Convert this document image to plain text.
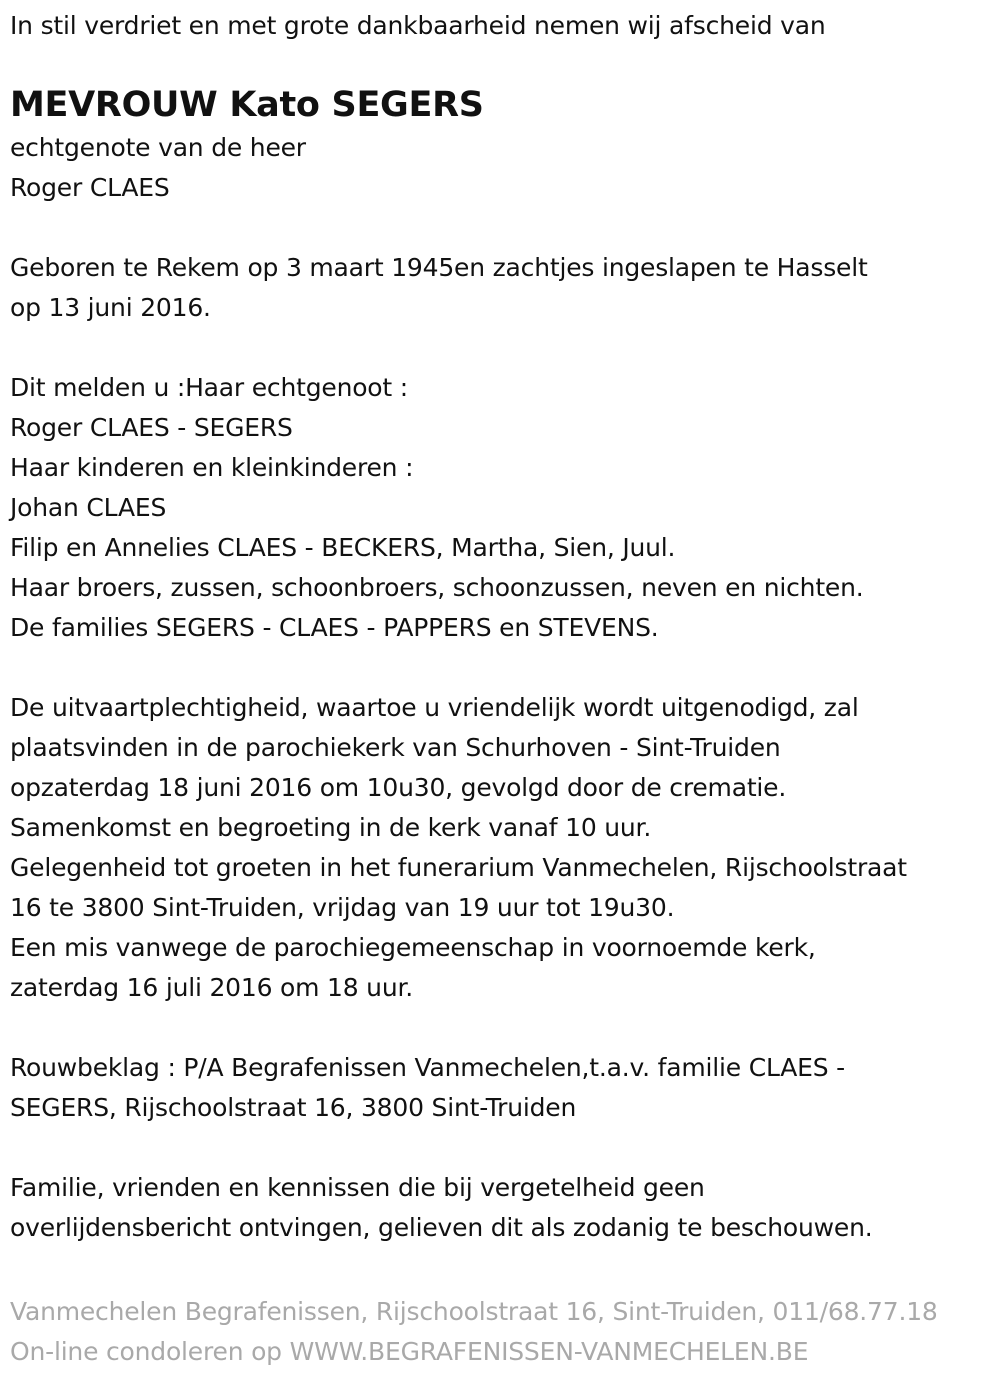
In stil verdriet en met grote dankbaarheid nemen wij afscheid van
MEVROUW Kato SEGERS
echtgenote van de heer
Roger CLAES
Geboren te Rekem op 3 maart 1945en zachtjes ingeslapen te Hasselt
op 13 juni 2016.
Dit melden u :Haar echtgenoot :
Roger CLAES - SEGERS
Haar kinderen en kleinkinderen :
Johan CLAES
Filip en Annelies CLAES - BECKERS, Martha, Sien, Juul.
Haar broers, zussen, schoonbroers, schoonzussen, neven en nichten.
De families SEGERS - CLAES - PAPPERS en STEVENS.
De uitvaartplechtigheid, waartoe u vriendelijk wordt uitgenodigd, zal
plaatsvinden in de parochiekerk van Schurhoven - Sint-Truiden
opzaterdag 18 juni 2016 om 10u30, gevolgd door de crematie.
Samenkomst en begroeting in de kerk vanaf 10 uur.
Gelegenheid tot groeten in het funerarium Vanmechelen, Rijschoolstraat
16 te 3800 Sint-Truiden, vrijdag van 19 uur tot 19u30.
Een mis vanwege de parochiegemeenschap in voornoemde kerk,
zaterdag 16 juli 2016 om 18 uur.
Rouwbeklag : P/A Begrafenissen Vanmechelen,t.a.v. familie CLAES -
SEGERS, Rijschoolstraat 16, 3800 Sint-Truiden
Familie, vrienden en kennissen die bij vergetelheid geen
overlijdensbericht ontvingen, gelieven dit als zodanig te beschouwen.
Vanmechelen Begrafenissen, Rijschoolstraat 16, Sint-Truiden, 011/68.77.18
On-line condoleren op WWW.BEGRAFENISSEN-VANMECHELEN.BE
